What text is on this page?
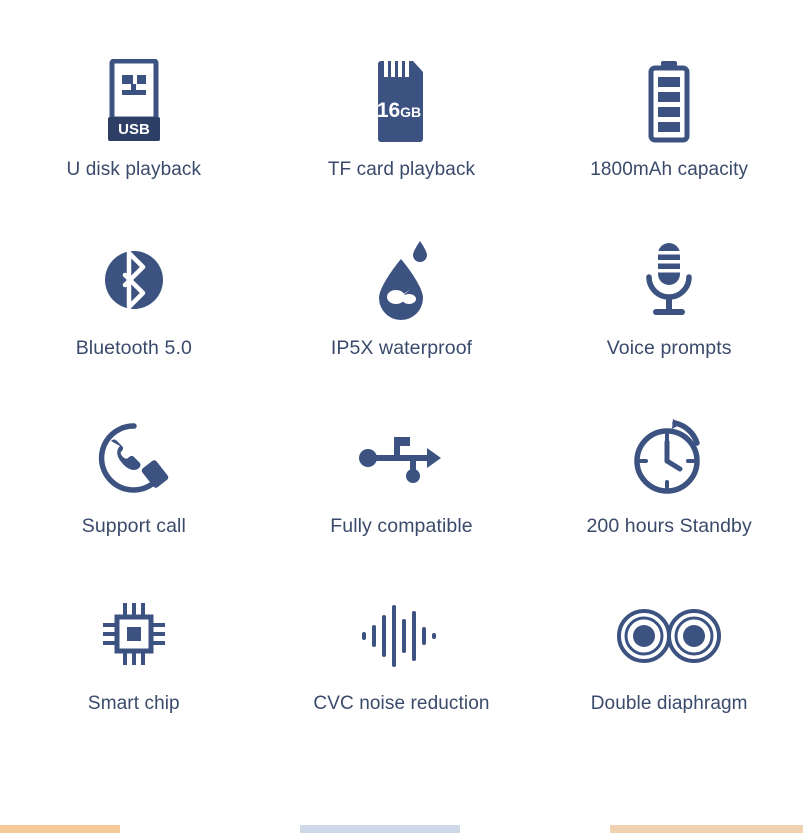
USB
U disk playback
16GB
TF card playback	1800mAh capacity
Bluetooth 5.0	IP5X waterproof	Voice prompts
Support call	Fully compatible	200 hours Standby
Smart chip	CVC noise reduction	Double diaphragm
